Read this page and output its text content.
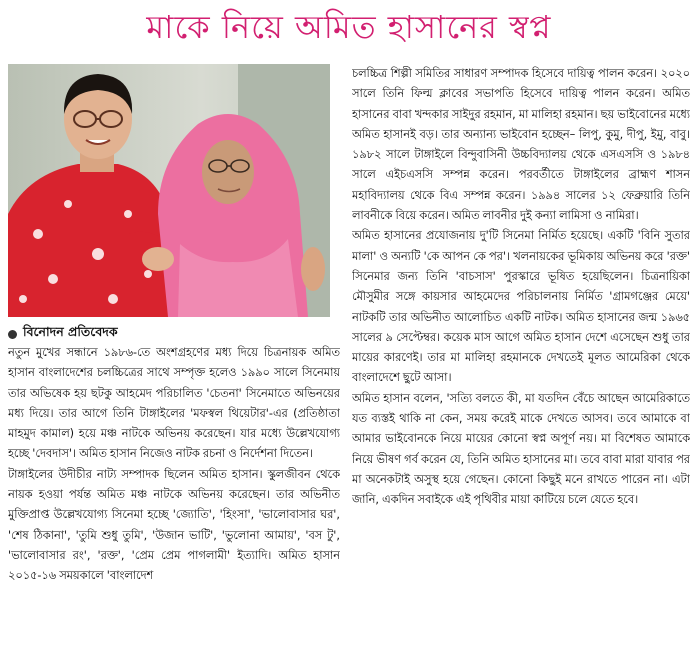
মাকে নিয়ে অমিত হাসানের স্বপ্ন
বিনোদন প্রতিবেদক

নতুন মুখের সন্ধানে ১৯৮৬-তে অংশগ্রহণের মধ্য দিয়ে চিত্রনায়ক অমিত হাসান বাংলাদেশের চলচ্চিত্রের সাথে সম্পৃক্ত হলেও ১৯৯০ সালে সিনেমায় তার অভিষেক হয় ছটকু আহমেদ পরিচালিত 'চেতনা' সিনেমাতে অভিনয়ের মধ্য দিয়ে। তার আগে তিনি টাঙ্গাইলের 'মফস্বল থিয়েটার'-এর (প্রতিষ্ঠাতা মাহমুদ কামাল) হয়ে মঞ্চ নাটকে অভিনয় করেছেন। যার মধ্যে উল্লেখযোগ্য হচ্ছে 'দেবদাস'। অমিত হাসান নিজেও নাটক রচনা ও নির্দেশনা দিতেন।

টাঙ্গাইলের উদীচীর নাট্য সম্পাদক ছিলেন অমিত হাসান। স্কুলজীবন থেকে নায়ক হওয়া পর্যন্ত অমিত মঞ্চ নাটকে অভিনয় করেছেন। তার অভিনীত মুক্তিপ্রাপ্ত উল্লেখযোগ্য সিনেমা হচ্ছে 'জ্যোতি', 'হিংসা', 'ভালোবাসার ঘর', 'শেষ ঠিকানা', 'তুমি শুধু তুমি', 'উজান ভাটি', 'ভুলোনা আমায়', 'বস টু', 'ভালোবাসার রং', 'রক্ত', 'প্রেম প্রেম পাগলামী' ইত্যাদি। অমিত হাসান ২০১৫-১৬ সময়কালে 'বাংলাদেশ

চলচ্চিত্র শিল্পী সমিতির সাধারণ সম্পাদক হিসেবে দায়িত্ব পালন করেন। ২০২০ সালে তিনি ফিল্ম ক্লাবের সভাপতি হিসেবে দায়িত্ব পালন করেন। অমিত হাসানের বাবা খন্দকার সাইদুর রহমান, মা মালিহা রহমান। ছয় ভাইবোনের মধ্যে অমিত হাসানই বড়। তার অন্যান্য ভাইবোন হচ্ছেন– লিপু, কুমু, দীপু, ইমু, বাবু। ১৯৮২ সালে টাঙ্গাইলে বিন্দুবাসিনী উচ্চবিদ্যালয় থেকে এসএসসি ও ১৯৮৪ সালে এইচএসসি সম্পন্ন করেন। পরবর্তীতে টাঙ্গাইলের ব্রাহ্মণ শাসন মহাবিদ্যালয় থেকে বিএ সম্পন্ন করেন। ১৯৯৪ সালের ১২ ফেব্রুয়ারি তিনি লাবনীকে বিয়ে করেন। অমিত লাবনীর দুই কন্যা লামিসা ও নামিরা।

অমিত হাসানের প্রযোজনায় দু'টি সিনেমা নির্মিত হয়েছে। একটি 'বিনি সুতার মালা' ও অন্যটি 'কে আপন কে পর'। খলনায়কের ভূমিকায় অভিনয় করে 'রক্ত' সিনেমার জন্য তিনি 'বাচসাস' পুরস্কারে ভূষিত হয়েছিলেন। চিত্রনায়িকা মৌসুমীর সঙ্গে কায়সার আহমেদের পরিচালনায় নির্মিত 'গ্রামগঞ্জের মেয়ে' নাটকটি তার অভিনীত আলোচিত একটি নাটক। অমিত হাসানের জন্ম ১৯৬৫ সালের ৯ সেপ্টেম্বর। কয়েক মাস আগে অমিত হাসান দেশে এসেছেন শুধু তার মায়ের কারণেই। তার মা মালিহা রহমানকে দেখতেই মূলত আমেরিকা থেকে বাংলাদেশে ছুটে আসা।

অমিত হাসান বলেন, 'সত্যি বলতে কী, মা যতদিন বেঁচে আছেন আমেরিকাতে যত ব্যস্তই থাকি না কেন, সময় করেই মাকে দেখতে আসব। তবে আমাকে বা আমার ভাইবোনকে নিয়ে মায়ের কোনো স্বপ্ন অপূর্ণ নয়। মা বিশেষত আমাকে নিয়ে ভীষণ গর্ব করেন যে, তিনি অমিত হাসানের মা। তবে বাবা মারা যাবার পর মা অনেকটাই অসুস্থ হয়ে গেছেন। কোনো কিছুই মনে রাখতে পারেন না। এটা জানি, একদিন সবাইকে এই পৃথিবীর মায়া কাটিয়ে চলে যেতে হবে।
